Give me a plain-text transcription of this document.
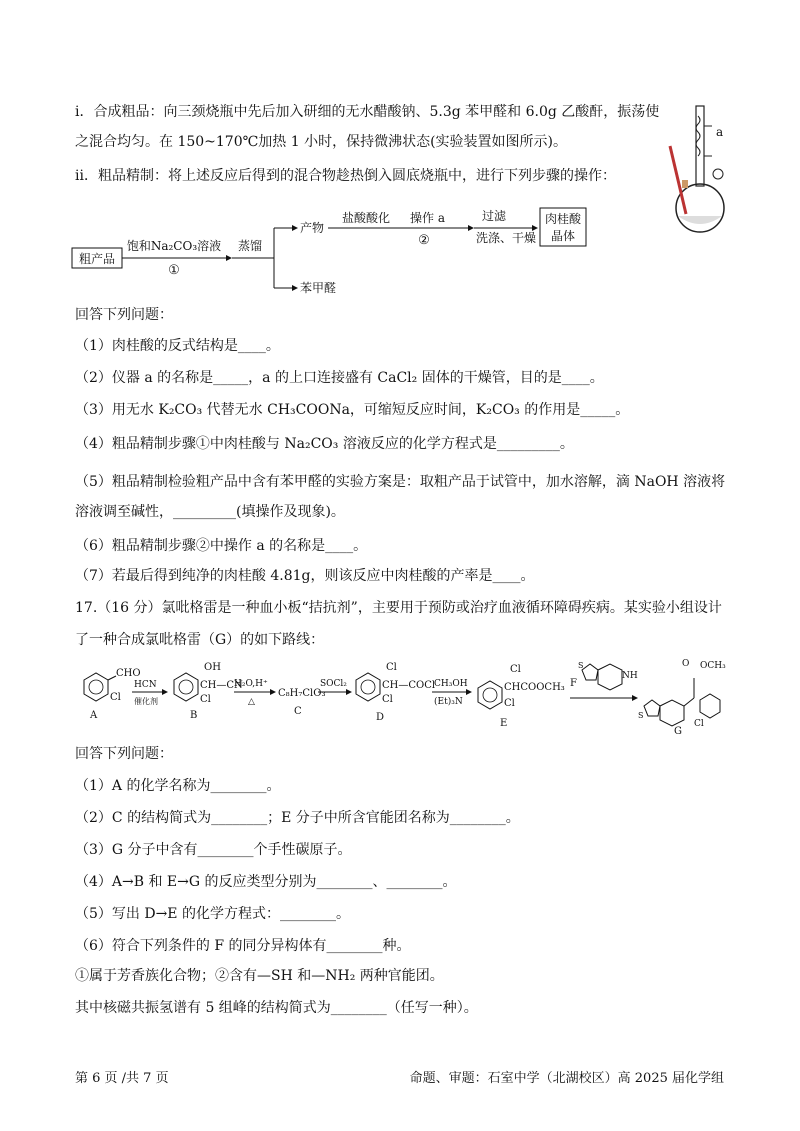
i．合成粗品：向三颈烧瓶中先后加入研细的无水醋酸钠、5.3g 苯甲醛和 6.0g 乙酸酐，振荡使
之混合均匀。在 150~170℃加热 1 小时，保持微沸状态(实验装置如图所示)。
ii．粗品精制：将上述反应后得到的混合物趁热倒入圆底烧瓶中，进行下列步骤的操作：
a
粗产品
饱和Na₂CO₃溶液
①
蒸馏
产物
盐酸酸化 操作 a
②
过滤
洗涤、干燥
肉桂酸
晶体
苯甲醛
回答下列问题：
（1）肉桂酸的反式结构是____。
（2）仪器 a 的名称是_____，a 的上口连接盛有 CaCl₂ 固体的干燥管，目的是____。
（3）用无水 K₂CO₃ 代替无水 CH₃COONa，可缩短反应时间，K₂CO₃ 的作用是_____。
（4）粗品精制步骤①中肉桂酸与 Na₂CO₃ 溶液反应的化学方程式是_________。
（5）粗品精制检验粗产品中含有苯甲醛的实验方案是：取粗产品于试管中，加水溶解，滴 NaOH 溶液将
溶液调至碱性，_________(填操作及现象)。
（6）粗品精制步骤②中操作 a 的名称是____。
（7）若最后得到纯净的肉桂酸 4.81g，则该反应中肉桂酸的产率是____。
17.（16 分）氯吡格雷是一种血小板“拮抗剂”，主要用于预防或治疗血液循环障碍疾病。某实验小组设计
了一种合成氯吡格雷（G）的如下路线：
CHO
Cl
A
HCN
催化剂
OH
CH—CN
Cl
B
H₂O,H⁺
△
C₈H₇ClO₃
C
SOCl₂
Cl
CH—COCl
Cl
D
CH₃OH
(Et)₃N
Cl
CHCOOCH₃
Cl
E
F
S
NH
S
O OCH₃
Cl
G
回答下列问题：
（1）A 的化学名称为________。
（2）C 的结构简式为________；E 分子中所含官能团名称为________。
（3）G 分子中含有________个手性碳原子。
（4）A→B 和 E→G 的反应类型分别为________、________。
（5）写出 D→E 的化学方程式：________。
（6）符合下列条件的 F 的同分异构体有________种。
①属于芳香族化合物；②含有—SH 和—NH₂ 两种官能团。
其中核磁共振氢谱有 5 组峰的结构简式为________（任写一种）。
第 6 页 /共 7 页	命题、审题：石室中学（北湖校区）高 2025 届化学组
